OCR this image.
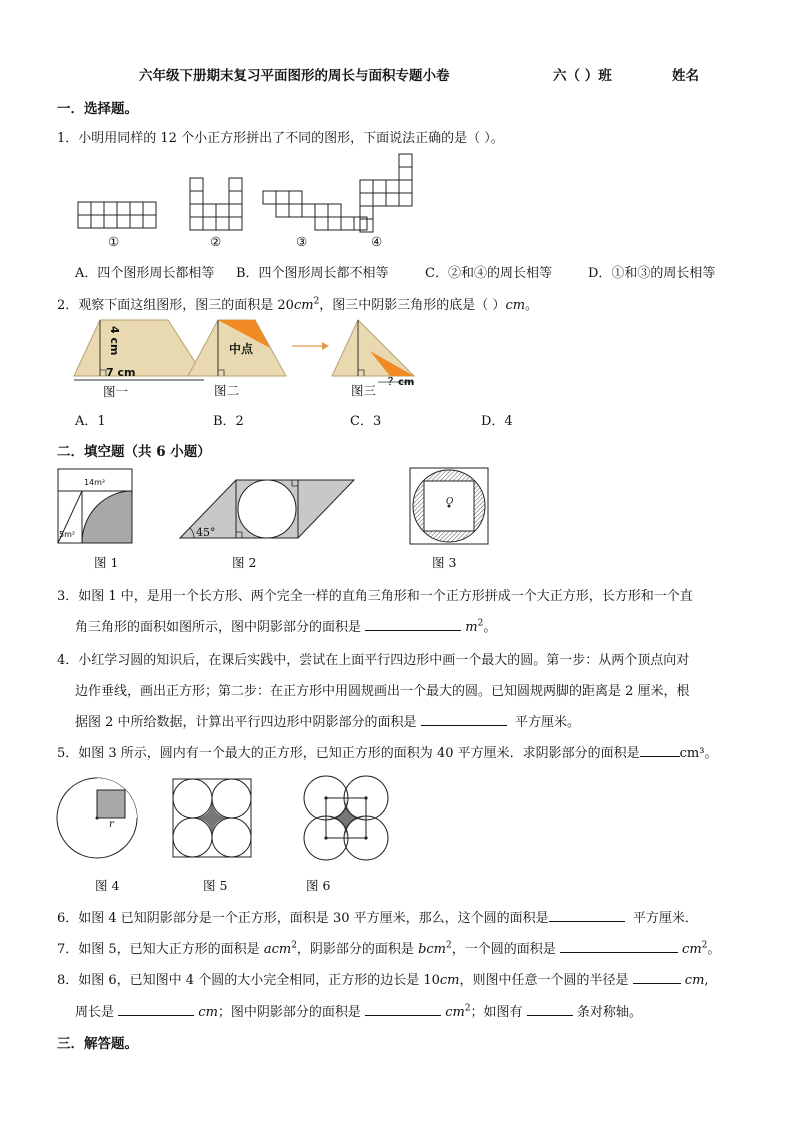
六年级下册期末复习平面图形的周长与面积专题小卷	六（ ）班	姓名
一．选择题。
1．小明用同样的 12 个小正方形拼出了不同的图形，下面说法正确的是（ ）。
①	②	③	④
A．四个图形周长都相等 B．四个图形周长都不相等	C．②和④的周长相等	D．①和③的周长相等
2．观察下面这组图形，图三的面积是 $20cm^2$，图三中阴影三角形的底是（ ）cm。
4 cm
7 cm
中点
？cm
图一	图二	图三
A．1	B．2	C．3	D．4
二．填空题（共 6 小题）
14m²
5m²	45°
O
图 1	图 2	图 3
3．如图 1 中，是用一个长方形、两个完全一样的直角三角形和一个正方形拼成一个大正方形，长方形和一个直
角三角形的面积如图所示，图中阴影部分的面积是	$m^2$。
4．小红学习圆的知识后，在课后实践中，尝试在上面平行四边形中画一个最大的圆。第一步：从两个顶点向对
边作垂线，画出正方形；第二步：在正方形中用圆规画出一个最大的圆。已知圆规两脚的距离是 2 厘米，根
据图 2 中所给数据，计算出平行四边形中阴影部分的面积是	平方厘米。
5．如图 3 所示，圆内有一个最大的正方形，已知正方形的面积为 40 平方厘米．求阴影部分的面积是	cm³。
r
图 4	图 5	图 6
6．如图 4 已知阴影部分是一个正方形，面积是 30 平方厘米，那么，这个圆的面积是	平方厘米．
7．如图 5，已知大正方形的面积是 acm$^2$，阴影部分的面积是 bcm$^2$，一个圆的面积是	$cm^2$。
8．如图 6，已知图中 4 个圆的大小完全相同，正方形的边长是 10cm，则图中任意一个圆的半径是	cm,
周长是	cm；图中阴影部分的面积是	$cm^2$；如图有	条对称轴。
三．解答题。
